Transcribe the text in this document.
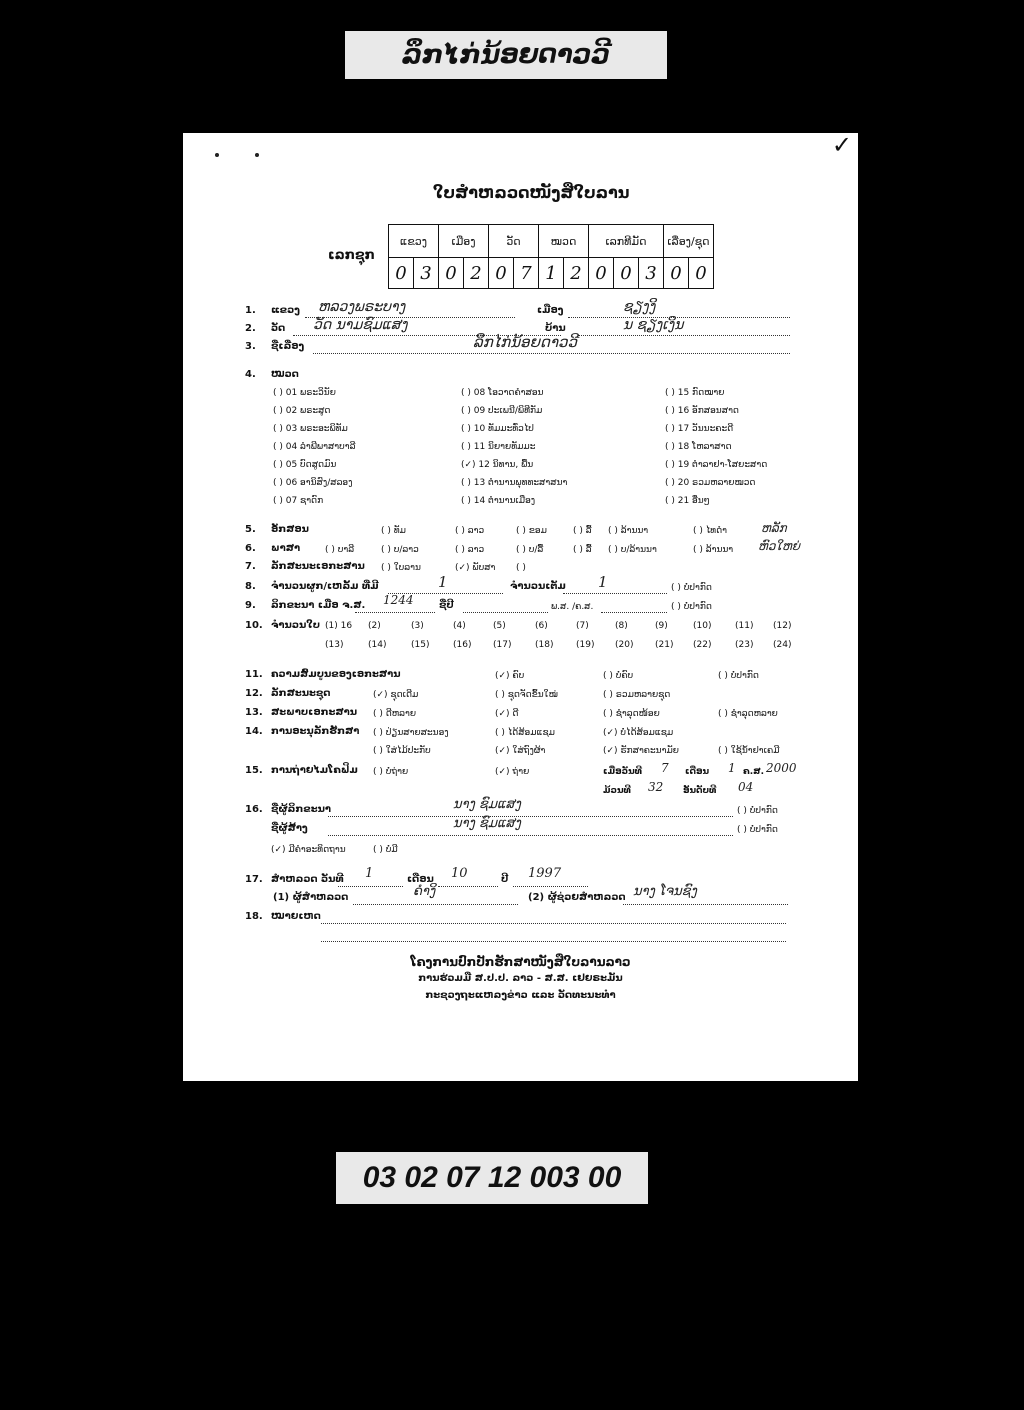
ລຶກໄກ່ນ້ອຍດາວວີ
✓
ໃບສຳຫລວດໜັງສືໃບລານ
ເລກຊຸກ
ແຂວງ		ເມືອງ		ວັດ		ໝວດ		ເລກທີມັດ			ເລື່ອງ/ຊຸດ	
0	3	0	2	0	7	1	2	0	0	3	0	0
1. ແຂວງ ຫລວງພຣະບາງ	ເມືອງ	ຊຽງງິ
2. ວັດ ວັດ ນາມຊົມແສງ	ບ້ານ	ນ ຊຽງເງິນ
3. ຊື່ເລື່ອງ	ລຶກໄກ່ນ້ອຍດາວວີ
4. ໝວດ
( ) 01 ພຣະວິນັຍ	( ) 08 ໂອວາດຄຳສອນ	( ) 15 ກົດໝາຍ
( ) 02 ພຣະສູດ	( ) 09 ປະເພນີ/ພິທີກັມ	( ) 16 ອັກສອນສາດ
( ) 03 ພຣະອະພິທັມ	( ) 10 ທັມມະທົ່ວໄປ	( ) 17 ວັນນະຄະດີ
( ) 04 ລຳພີພາສາບາລີ	( ) 11 ນິຍາຍທັມມະ	( ) 18 ໂຫລາສາດ
( ) 05 ບົດສູດມົນ	(✓) 12 ນິທານ, ພື້ນ	( ) 19 ຕຳລາຢາ-ໂສຍະສາດ
( ) 06 ອານິສົງ/ສລອງ	( ) 13 ຕຳນານພຸທທະສາສນາ	( ) 20 ຣວມຫລາຍໝວດ
( ) 07 ຊາດົກ	( ) 14 ຕຳນານເມືອງ	( ) 21 ອື່ນໆ
5. ອັກສອນ	( ) ທັມ	( ) ລາວ	( ) ຂອມ	( ) ລື້ ( ) ລ້ານນາ	( ) ໄທດຳ	ຫລັກ
6. ພາສາ	( ) ບາລີ	( ) ບ/ລາວ	( ) ລາວ	( ) ບ/ລື້	( ) ລື້ ( ) ບ/ລ້ານນາ	( ) ລ້ານນາ ຫົວໃຫຍ່
7. ລັກສະນະເອກະສານ ( ) ໃບລານ	(✓) ພັບສາ ( )
8. ຈຳນວນຜູກ/ເຫລັ້ມ ທີ່ມີ	1	ຈຳນວນເຕັມ 1	( ) ບໍ່ປາກົດ
9. ລິກຂະນາ ເມື່ອ ຈ.ສ. 1244	ຊື່ປີ	ພ.ສ. /ຄ.ສ.	( ) ບໍ່ປາກົດ
10. ຈຳນວນໃບ (1) 16 (2)	(3)	(4)	(5)	(6)	(7)	(8)	(9)	(10)	(11) (12)
(13)	(14)	(15)	(16) (17)	(18)	(19) (20) (21) (22)	(23) (24)
11. ຄວາມສົມບູນຂອງເອກະສານ	(✓) ຄົບ	( ) ບໍ່ຄົບ	( ) ບໍ່ປາກົດ
12. ລັກສະນະຊຸດ	(✓) ຊຸດເດີມ	( ) ຊຸດຈັດຂຶ້ນໃໝ່	( ) ຣວມຫລາຍຊຸດ
13. ສະພາບເອກະສານ ( ) ດີຫລາຍ	(✓) ດີ	( ) ຊຳລຸດໜ້ອຍ	( ) ຊຳລຸດຫລາຍ
14. ການອະນຸລັກຮັກສາ ( ) ປ່ຽນສາຍສະນອງ	( ) ໄດ້ສ້ອມແຊມ	(✓) ບໍ່ໄດ້ສ້ອມແຊມ
( ) ໃສ່ໄມ້ປະກັບ	(✓) ໃສ່ຖົງຜ້າ	(✓) ຮັກສາຄະນາມັຍ	( ) ໃຊ້ນ້ຳຢາເຄມີ
15. ການຖ່າຍໄມໂຄຟິມ ( ) ບໍ່ຖ່າຍ	(✓) ຖ່າຍ	ເມື່ອວັນທີ 7 ເດືອນ 1 ຄ.ສ. 2000
ມ້ວນທີ 32 ອັນດັບທີ 04
16. ຊື່ຜູ້ລິກຂະນາ	ນາງ ຊົມແສງ	( ) ບໍ່ປາກົດ
ຊື່ຜູ້ສ້າງ	ນາງ ຊົມແສງ	( ) ບໍ່ປາກົດ
(✓) ມີຄຳອະທິດຖານ	( ) ບໍ່ມີ
17. ສຳຫລວດ ວັນທີ 1	ເດືອນ 10	ປີ 1997
(1) ຜູ້ສຳຫລວດ	ຄຳງິ	(2) ຜູ້ຊ່ວຍສຳຫລວດ ນາງ ໂຈນຊົງ
18. ໝາຍເຫດ
ໂຄງການປົກປັກຮັກສາໜັງສືໃບລານລາວ
ການຮ່ວມມື ສ.ປ.ປ. ລາວ - ສ.ສ. ເຢຍຣະມັນ
ກະຊວງຖະແຫລງຂ່າວ ແລະ ວັດທະນະທຳ
03 02 07 12 003 00
